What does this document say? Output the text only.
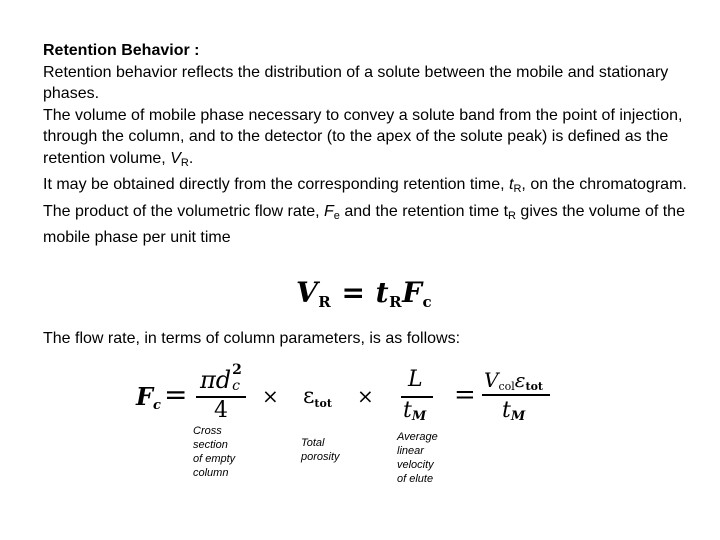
Retention Behavior :

Retention behavior reflects the distribution of a solute between the mobile and stationary phases.

The volume of mobile phase necessary to convey a solute band from the point of injection, through the column, and to the detector (to the apex of the solute peak) is defined as the retention volume, $V_R$.

It may be obtained directly from the corresponding retention time, $t_R$, on the chromatogram.

The product of the volumetric flow rate, $F_e$ and the retention time $t_R$ gives the volume of the mobile phase per unit time

VR = tRFc
The flow rate, in terms of column parameters, is as follows:
Fc = πd 2
c
4
× εtot ×
L
tM
= Vcolεtot
tM
Cross
section
of empty
column
Total
porosity
Average
linear
velocity
of elute
